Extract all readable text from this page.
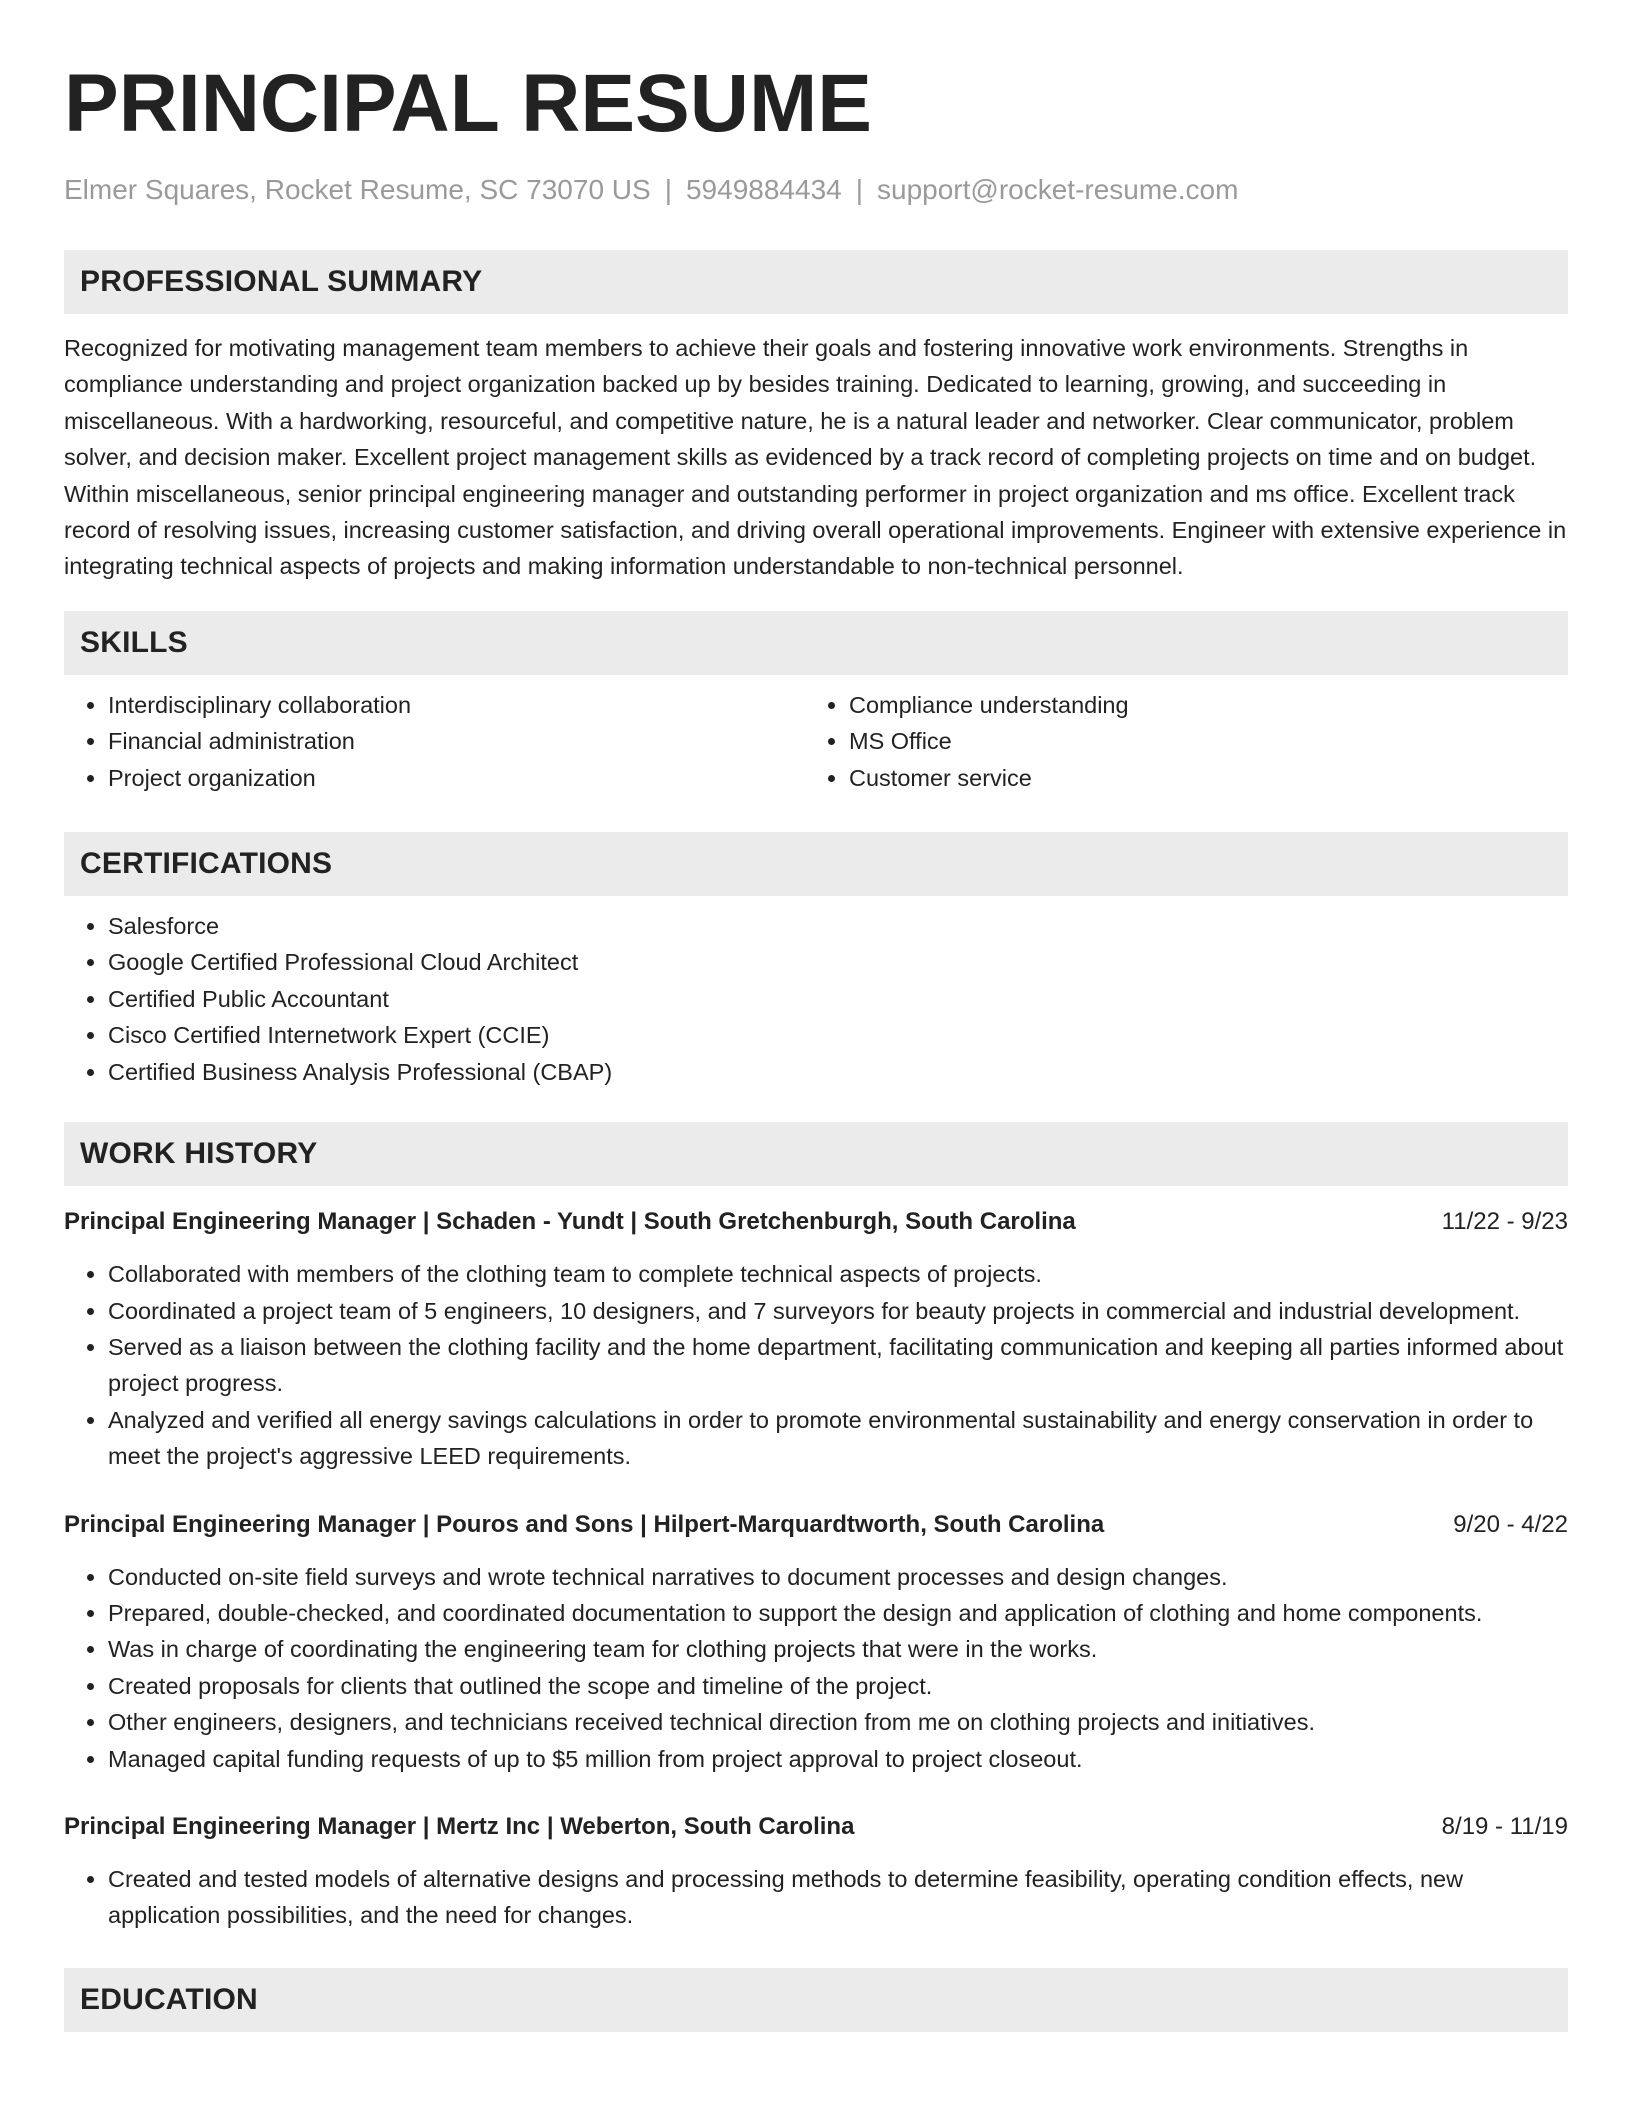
PRINCIPAL RESUME
Elmer Squares, Rocket Resume, SC 73070 US | 5949884434 | support@rocket-resume.com
PROFESSIONAL SUMMARY

Recognized for motivating management team members to achieve their goals and fostering innovative work environments. Strengths in compliance understanding and project organization backed up by besides training. Dedicated to learning, growing, and succeeding in miscellaneous. With a hardworking, resourceful, and competitive nature, he is a natural leader and networker. Clear communicator, problem solver, and decision maker. Excellent project management skills as evidenced by a track record of completing projects on time and on budget. Within miscellaneous, senior principal engineering manager and outstanding performer in project organization and ms office. Excellent track record of resolving issues, increasing customer satisfaction, and driving overall operational improvements. Engineer with extensive experience in integrating technical aspects of projects and making information understandable to non-technical personnel.

SKILLS
• Interdisciplinary collaboration
• Financial administration
• Project organization
• Compliance understanding
• MS Office
• Customer service
CERTIFICATIONS
• Salesforce
• Google Certified Professional Cloud Architect
• Certified Public Accountant
• Cisco Certified Internetwork Expert (CCIE)
• Certified Business Analysis Professional (CBAP)
WORK HISTORY
Principal Engineering Manager | Schaden - Yundt | South Gretchenburgh, South Carolina	11/22 - 9/23
• Collaborated with members of the clothing team to complete technical aspects of projects.
• Coordinated a project team of 5 engineers, 10 designers, and 7 surveyors for beauty projects in commercial and industrial development.
• Served as a liaison between the clothing facility and the home department, facilitating communication and keeping all parties informed about project progress.
• Analyzed and verified all energy savings calculations in order to promote environmental sustainability and energy conservation in order to meet the project's aggressive LEED requirements.
Principal Engineering Manager | Pouros and Sons | Hilpert-Marquardtworth, South Carolina	9/20 - 4/22
• Conducted on-site field surveys and wrote technical narratives to document processes and design changes.
• Prepared, double-checked, and coordinated documentation to support the design and application of clothing and home components.
• Was in charge of coordinating the engineering team for clothing projects that were in the works.
• Created proposals for clients that outlined the scope and timeline of the project.
• Other engineers, designers, and technicians received technical direction from me on clothing projects and initiatives.
• Managed capital funding requests of up to $5 million from project approval to project closeout.
Principal Engineering Manager | Mertz Inc | Weberton, South Carolina	8/19 - 11/19
• Created and tested models of alternative designs and processing methods to determine feasibility, operating condition effects, new application possibilities, and the need for changes.
EDUCATION
